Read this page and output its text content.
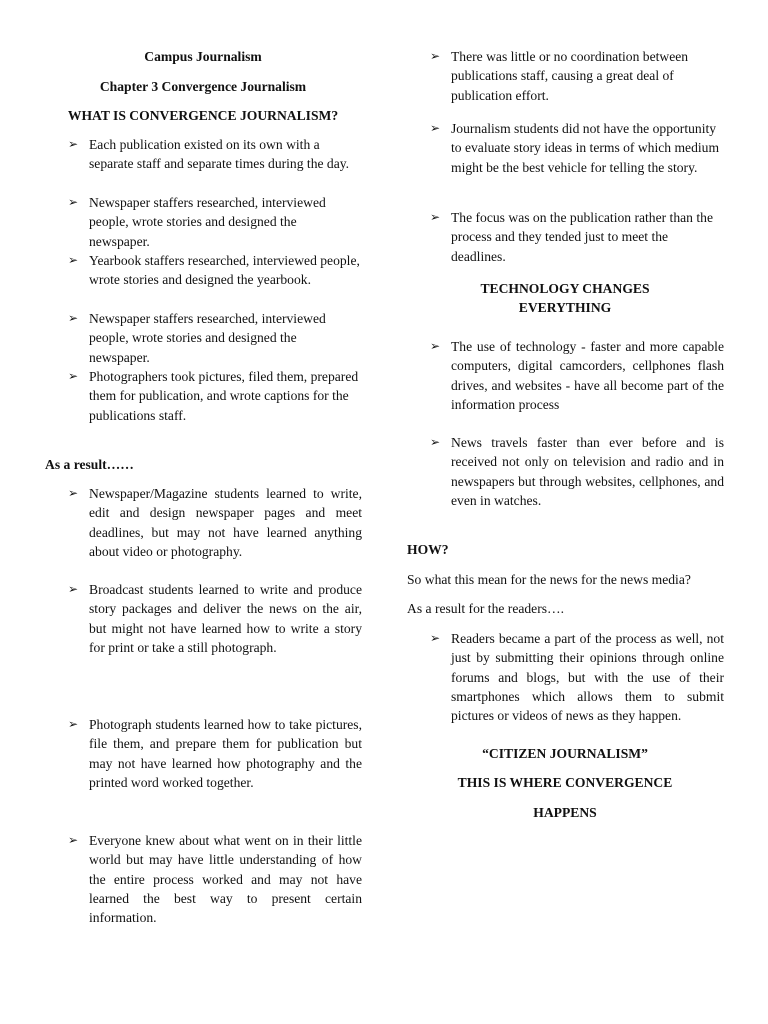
Campus Journalism
Chapter 3 Convergence Journalism
WHAT IS CONVERGENCE JOURNALISM?
➢ Each publication existed on its own with a separate staff and separate times during the day.
➢ Newspaper staffers researched, interviewed people, wrote stories and designed the newspaper.
➢ Yearbook staffers researched, interviewed people, wrote stories and designed the yearbook.
➢ Newspaper staffers researched, interviewed people, wrote stories and designed the newspaper.
➢ Photographers took pictures, filed them, prepared them for publication, and wrote captions for the publications staff.
As a result……
➢ Newspaper/Magazine students learned to write, edit and design newspaper pages and meet deadlines, but may not have learned anything about video or photography.
➢ Broadcast students learned to write and produce story packages and deliver the news on the air, but might not have learned how to write a story for print or take a still photograph.
➢ Photograph students learned how to take pictures, file them, and prepare them for publication but may not have learned how photography and the printed word worked together.
➢ Everyone knew about what went on in their little world but may have little understanding of how the entire process worked and may not have learned the best way to present certain information.
➢ There was little or no coordination between publications staff, causing a great deal of publication effort.
➢ Journalism students did not have the opportunity to evaluate story ideas in terms of which medium might be the best vehicle for telling the story.
➢ The focus was on the publication rather than the process and they tended just to meet the deadlines.
TECHNOLOGY CHANGES
EVERYTHING
➢ The use of technology - faster and more capable computers, digital camcorders, cellphones flash drives, and websites - have all become part of the information process
➢ News travels faster than ever before and is received not only on television and radio and in newspapers but through websites, cellphones, and even in watches.
HOW?
So what this mean for the news for the news media?
As a result for the readers….
➢ Readers became a part of the process as well, not just by submitting their opinions through online forums and blogs, but with the use of their smartphones which allows them to submit pictures or videos of news as they happen.
“CITIZEN JOURNALISM”
THIS IS WHERE CONVERGENCE
HAPPENS
